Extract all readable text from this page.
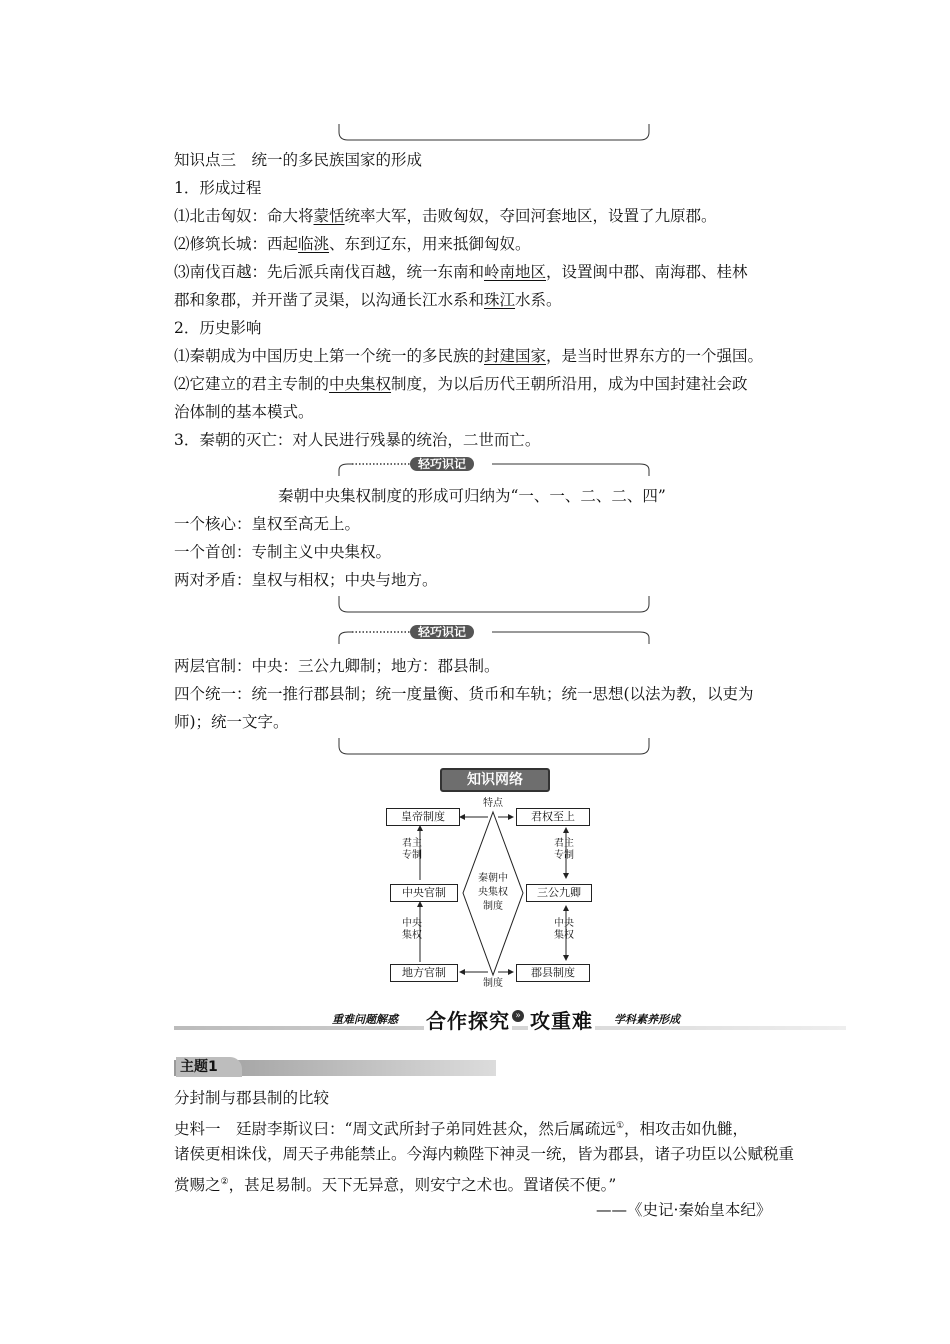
知识点三　统一的多民族国家的形成
1．形成过程
⑴北击匈奴：命大将蒙恬统率大军，击败匈奴，夺回河套地区，设置了九原郡。
⑵修筑长城：西起临洮、东到辽东，用来抵御匈奴。
⑶南伐百越：先后派兵南伐百越，统一东南和岭南地区，设置闽中郡、南海郡、桂林
郡和象郡，并开凿了灵渠，以沟通长江水系和珠江水系。
2．历史影响
⑴秦朝成为中国历史上第一个统一的多民族的封建国家，是当时世界东方的一个强国。
⑵它建立的君主专制的中央集权制度，为以后历代王朝所沿用，成为中国封建社会政
治体制的基本模式。
3．秦朝的灭亡：对人民进行残暴的统治，二世而亡。
轻巧识记
秦朝中央集权制度的形成可归纳为“一、一、二、二、四”
一个核心：皇权至高无上。
一个首创：专制主义中央集权。
两对矛盾：皇权与相权；中央与地方。
轻巧识记
两层官制：中央：三公九卿制；地方：郡县制。
四个统一：统一推行郡县制；统一度量衡、货币和车轨；统一思想(以法为教，以吏为
师)；统一文字。
知识网络
皇帝制度	君权至上
中央官制	三公九卿
地方官制	郡县制度
秦朝中央集权制度
特点
制度
君主专制
君主专制
中央集权
中央集权
重难问题解惑 合作探究 » 攻重难 学科素养形成
主题1
分封制与郡县制的比较
史料一　廷尉李斯议曰：“周文武所封子弟同姓甚众，然后属疏远①，相攻击如仇雠，
诸侯更相诛伐，周天子弗能禁止。今海内赖陛下神灵一统，皆为郡县，诸子功臣以公赋税重
赏赐之②，甚足易制。天下无异意，则安宁之术也。置诸侯不便。”
——《史记·秦始皇本纪》
